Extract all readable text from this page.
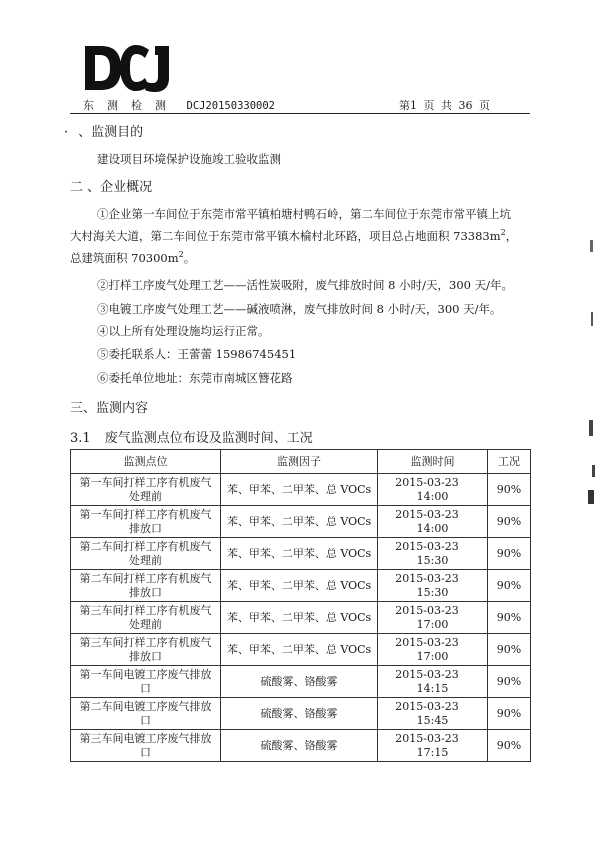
东 测 检 测 DCJ20150330002	第1 页 共 36 页
· 、监测目的
建设项目环境保护设施竣工验收监测
二 、企业概况
①企业第一车间位于东莞市常平镇柏塘村鸭石岭，第二车间位于东莞市常平镇上坑
大村海关大道，第二车间位于东莞市常平镇木棆村北环路，项目总占地面积 $73383m^2$，
总建筑面积 $70300m^2$。
②打样工序废气处理工艺——活性炭吸附，废气排放时间 8 小时/天，300 天/年。
③电镀工序废气处理工艺——碱液喷淋，废气排放时间 8 小时/天，300 天/年。
④以上所有处理设施均运行正常。
⑤委托联系人：王蕾蕾 15986745451
⑥委托单位地址：东莞市南城区簪花路
三、监测内容
3.1 废气监测点位布设及监测时间、工况
监测点位	监测因子	监测时间	工况
第一车间打样工序有机废气
处理前	苯、甲苯、二甲苯、总 VOCs	2015-03-2314:00	90%
第一车间打样工序有机废气
排放口	苯、甲苯、二甲苯、总 VOCs	2015-03-2314:00	90%
第二车间打样工序有机废气
处理前	苯、甲苯、二甲苯、总 VOCs	2015-03-2315:30	90%
第二车间打样工序有机废气
排放口	苯、甲苯、二甲苯、总 VOCs	2015-03-2315:30	90%
第三车间打样工序有机废气
处理前	苯、甲苯、二甲苯、总 VOCs	2015-03-2317:00	90%
第三车间打样工序有机废气
排放口	苯、甲苯、二甲苯、总 VOCs	2015-03-2317:00	90%
第一车间电镀工序废气排放
口	硫酸雾、铬酸雾	2015-03-2314:15	90%
第二车间电镀工序废气排放
口	硫酸雾、铬酸雾	2015-03-2315:45	90%
第三车间电镀工序废气排放
口	硫酸雾、铬酸雾	2015-03-2317:15	90%
